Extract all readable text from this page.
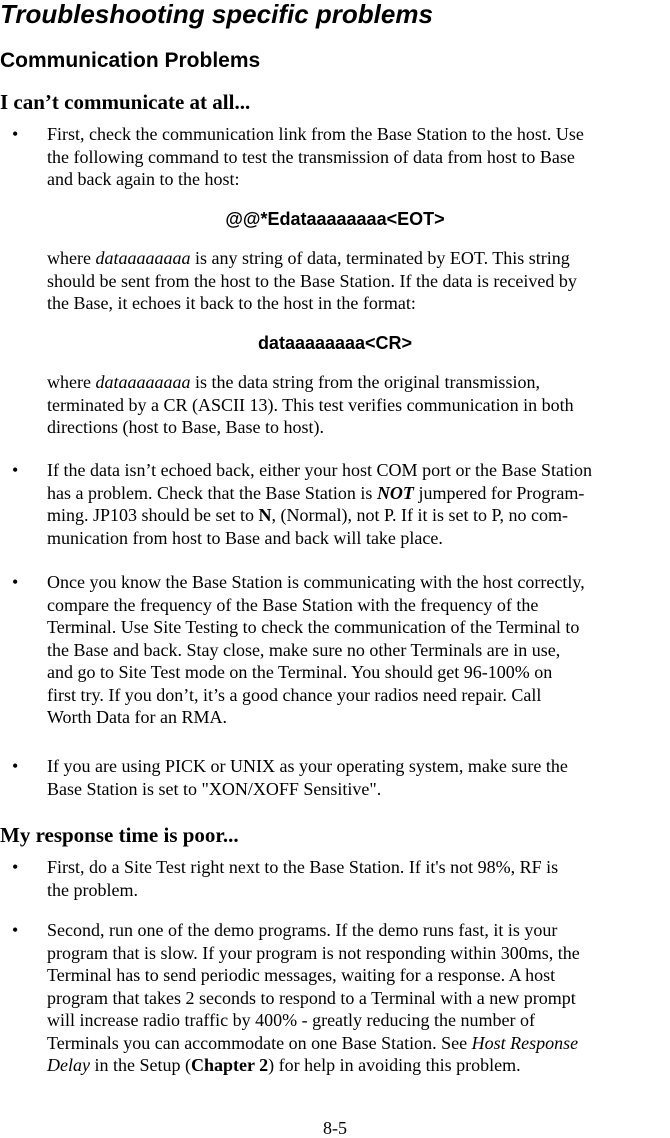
Troubleshooting specific problems
Communication Problems
I can’t communicate at all...
•	First, check the communication link from the Base Station to the host. Use
the following command to test the transmission of data from host to Base
and back again to the host:
@@*Edataaaaaaaa<EOT>
where dataaaaaaaa is any string of data, terminated by EOT. This string
should be sent from the host to the Base Station. If the data is received by
the Base, it echoes it back to the host in the format:
dataaaaaaaa<CR>
where dataaaaaaaa is the data string from the original transmission,
terminated by a CR (ASCII 13). This test verifies communication in both
directions (host to Base, Base to host).
•	If the data isn’t echoed back, either your host COM port or the Base Station
has a problem. Check that the Base Station is NOT jumpered for Program-
ming. JP103 should be set to N, (Normal), not P. If it is set to P, no com-
munication from host to Base and back will take place.
•	Once you know the Base Station is communicating with the host correctly,
compare the frequency of the Base Station with the frequency of the
Terminal. Use Site Testing to check the communication of the Terminal to
the Base and back. Stay close, make sure no other Terminals are in use,
and go to Site Test mode on the Terminal. You should get 96-100% on
first try. If you don’t, it’s a good chance your radios need repair. Call
Worth Data for an RMA.
•	If you are using PICK or UNIX as your operating system, make sure the
Base Station is set to "XON/XOFF Sensitive".
My response time is poor...
•	First, do a Site Test right next to the Base Station. If it's not 98%, RF is
the problem.
•	Second, run one of the demo programs. If the demo runs fast, it is your
program that is slow. If your program is not responding within 300ms, the
Terminal has to send periodic messages, waiting for a response. A host
program that takes 2 seconds to respond to a Terminal with a new prompt
will increase radio traffic by 400% - greatly reducing the number of
Terminals you can accommodate on one Base Station. See Host Response
Delay in the Setup (Chapter 2) for help in avoiding this problem.
8-5
